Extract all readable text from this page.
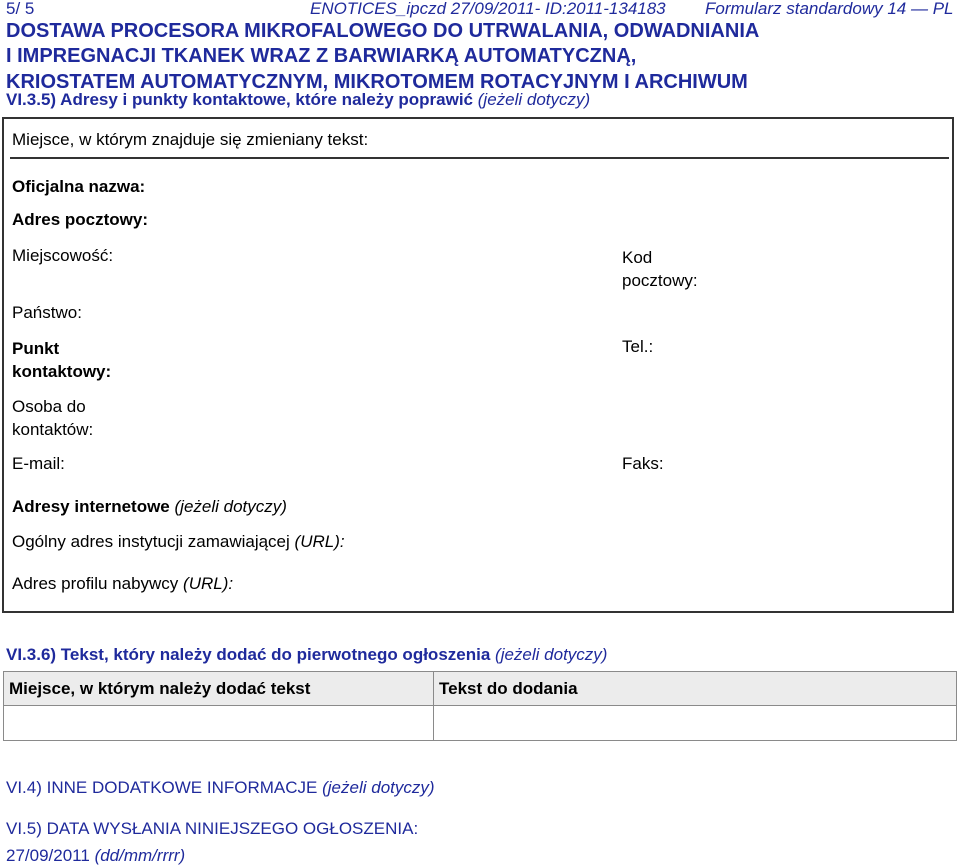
5/ 5	ENOTICES_ipczd 27/09/2011- ID:2011-134183 Formularz standardowy 14 — PL
DOSTAWA PROCESORA MIKROFALOWEGO DO UTRWALANIA, ODWADNIANIA
I IMPREGNACJI TKANEK WRAZ Z BARWIARKĄ AUTOMATYCZNĄ,
KRIOSTATEM AUTOMATYCZNYM, MIKROTOMEM ROTACYJNYM I ARCHIWUM
VI.3.5) Adresy i punkty kontaktowe, które należy poprawić (jeżeli dotyczy)
Miejsce, w którym znajduje się zmieniany tekst:
Oficjalna nazwa:
Adres pocztowy:
Miejscowość:	Kod pocztowy:
Państwo:
Punkt kontaktowy:
Tel.:
Osoba do kontaktów:
E-mail:	Faks:
Adresy internetowe (jeżeli dotyczy)
Ogólny adres instytucji zamawiającej (URL):
Adres profilu nabywcy (URL):
VI.3.6) Tekst, który należy dodać do pierwotnego ogłoszenia (jeżeli dotyczy)
Miejsce, w którym należy dodać tekst	Tekst do dodania
VI.4) INNE DODATKOWE INFORMACJE (jeżeli dotyczy)
VI.5) DATA WYSŁANIA NINIEJSZEGO OGŁOSZENIA:
27/09/2011 (dd/mm/rrrr)
